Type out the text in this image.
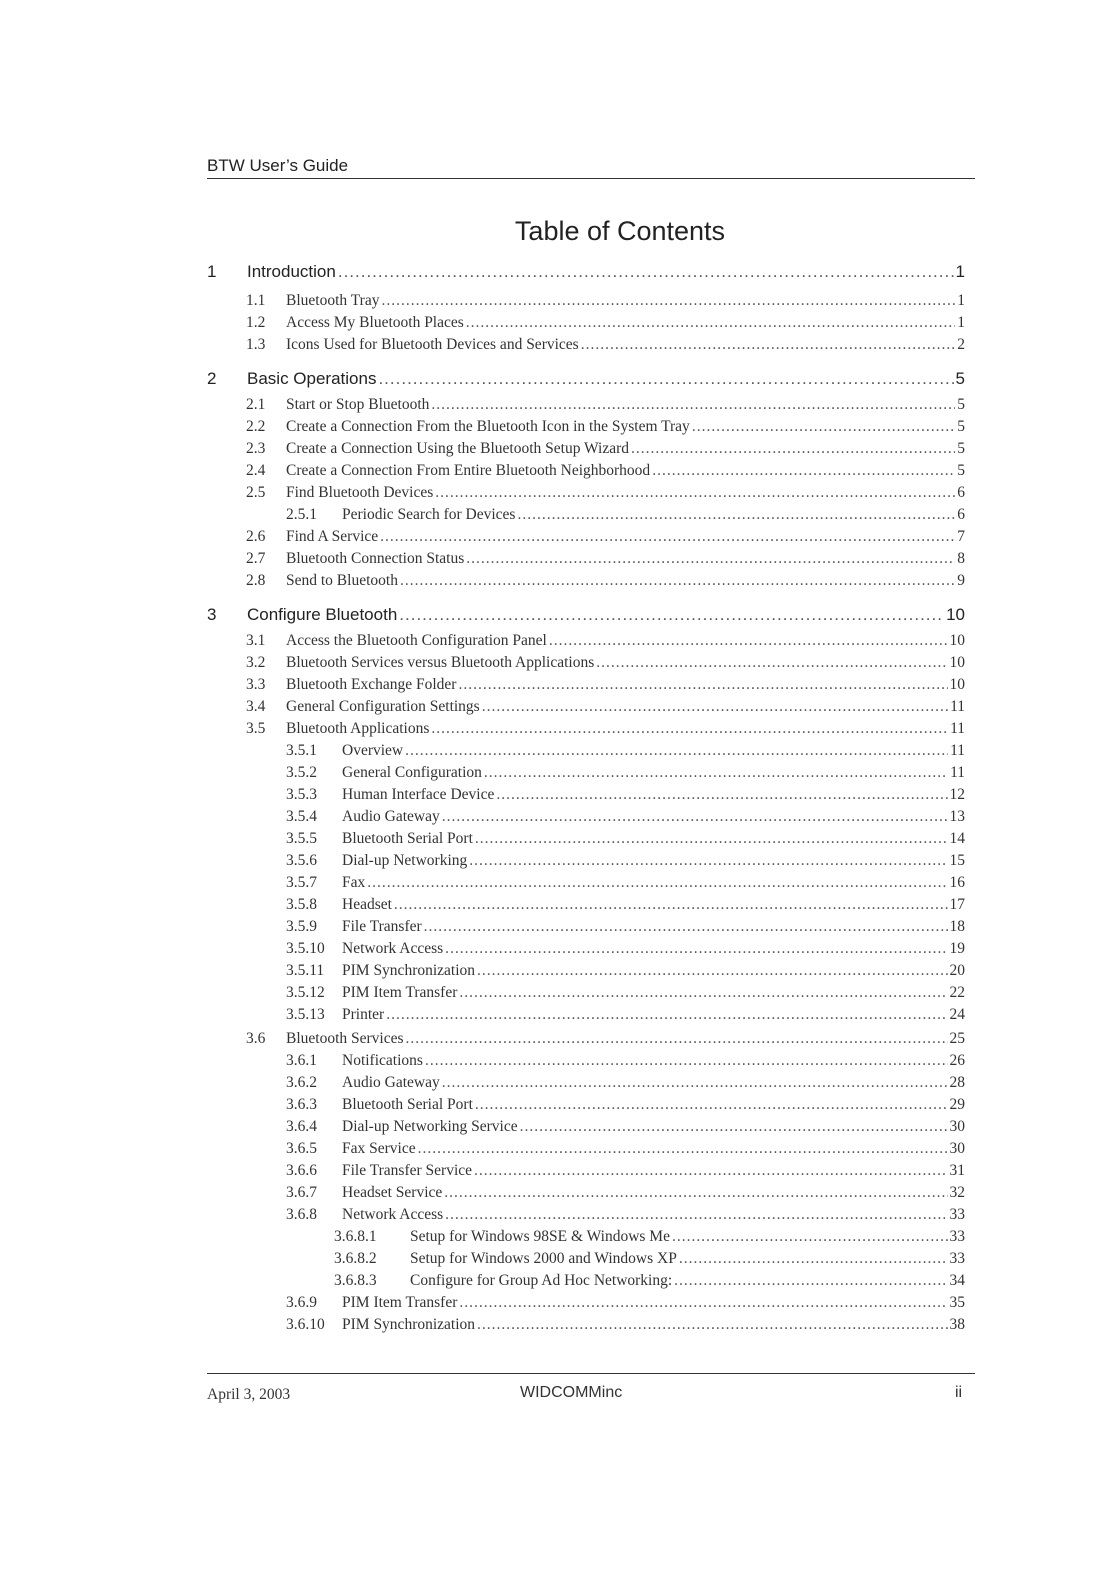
BTW User’s Guide
Table of Contents
1	Introduction .....	1
1.1	Bluetooth Tray .....	1
1.2	Access My Bluetooth Places .....	1
1.3	Icons Used for Bluetooth Devices and Services .....	2
2	Basic Operations .....	5
2.1	Start or Stop Bluetooth .....	5
2.2	Create a Connection From the Bluetooth Icon in the System Tray .....	5
2.3	Create a Connection Using the Bluetooth Setup Wizard .....	5
2.4	Create a Connection From Entire Bluetooth Neighborhood .....	5
2.5	Find Bluetooth Devices .....	6
2.5.1	Periodic Search for Devices .....	6
2.6	Find A Service .....	7
2.7	Bluetooth Connection Status .....	8
2.8	Send to Bluetooth .....	9
3	Configure Bluetooth .....	10
3.1	Access the Bluetooth Configuration Panel .....	10
3.2	Bluetooth Services versus Bluetooth Applications .....	10
3.3	Bluetooth Exchange Folder .....	10
3.4	General Configuration Settings .....	11
3.5	Bluetooth Applications .....	11
3.5.1	Overview .....	11
3.5.2	General Configuration .....	11
3.5.3	Human Interface Device .....	12
3.5.4	Audio Gateway .....	13
3.5.5	Bluetooth Serial Port .....	14
3.5.6	Dial-up Networking .....	15
3.5.7	Fax .....	16
3.5.8	Headset .....	17
3.5.9	File Transfer .....	18
3.5.10	Network Access .....	19
3.5.11	PIM Synchronization .....	20
3.5.12	PIM Item Transfer .....	22
3.5.13	Printer .....	24
3.6	Bluetooth Services .....	25
3.6.1	Notifications .....	26
3.6.2	Audio Gateway .....	28
3.6.3	Bluetooth Serial Port .....	29
3.6.4	Dial-up Networking Service .....	30
3.6.5	Fax Service .....	30
3.6.6	File Transfer Service .....	31
3.6.7	Headset Service .....	32
3.6.8	Network Access .....	33
3.6.8.1	Setup for Windows 98SE & Windows Me .....	33
3.6.8.2	Setup for Windows 2000 and Windows XP .....	33
3.6.8.3	Configure for Group Ad Hoc Networking: .....	34
3.6.9	PIM Item Transfer .....	35
3.6.10	PIM Synchronization .....	38
April 3, 2003	WIDCOMMinc	ii
